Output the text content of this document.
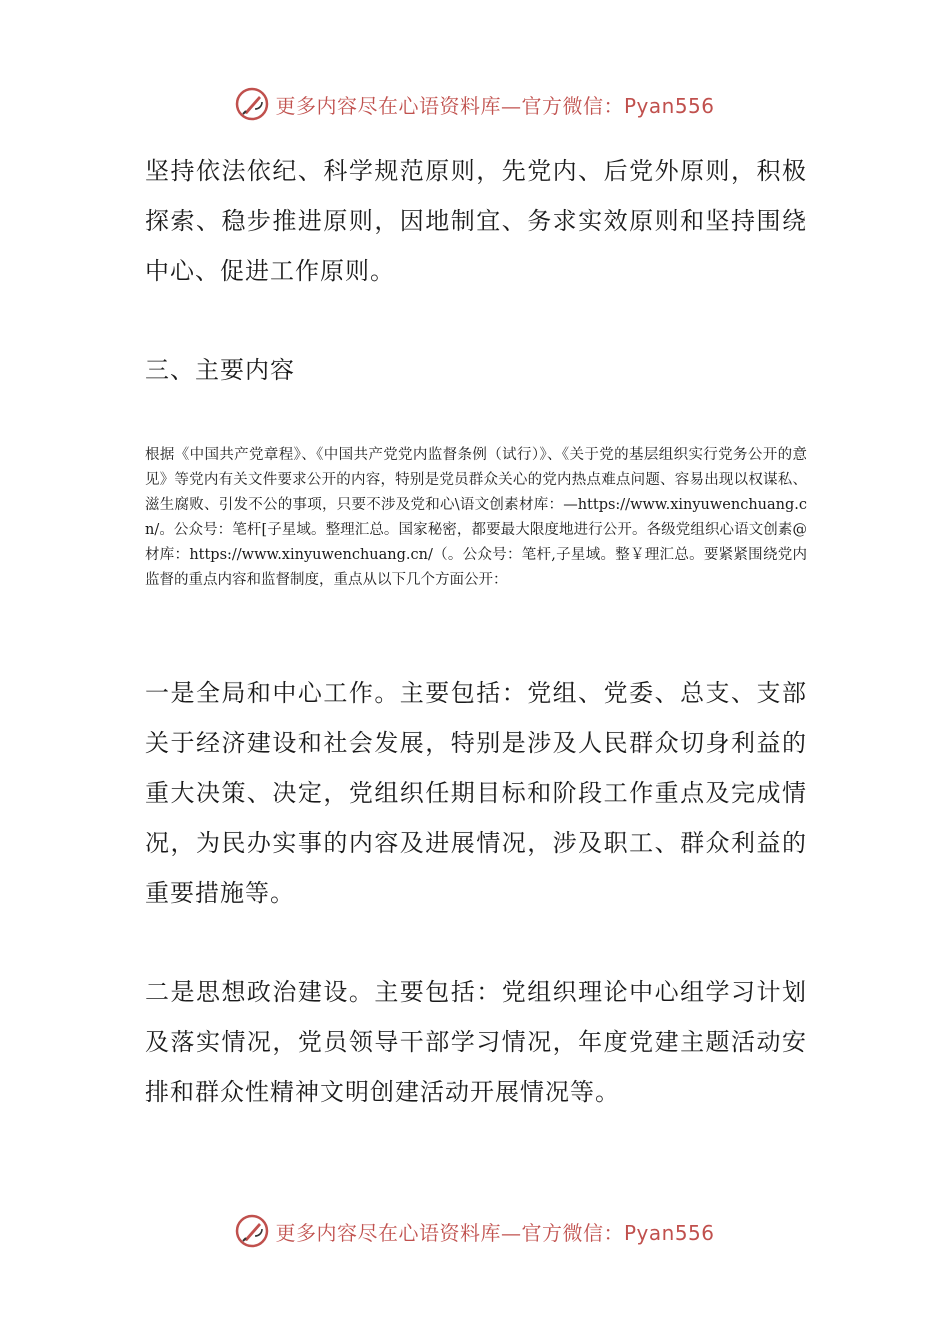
更多内容尽在心语资料库—官方微信：Pyan556

坚持依法依纪、科学规范原则，先党内、后党外原则，积极探索、稳步推进原则，因地制宜、务求实效原则和坚持围绕中心、促进工作原则。

三、主要内容

根据《中国共产党章程》、《中国共产党党内监督条例（试行）》、《关于党的基层组织实行党务公开的意见》等党内有关文件要求公开的内容，特别是党员群众关心的党内热点难点问题、容易出现以权谋私、滋生腐败、引发不公的事项，只要不涉及党和心\语文创素材库：—https://www.xinyuwenchuang.cn/。公众号：笔杆[子星域。整理汇总。国家秘密，都要最大限度地进行公开。各级党组织心语文创素@材库：https://www.xinyuwenchuang.cn/（。公众号：笔杆,子星域。整￥理汇总。要紧紧围绕党内监督的重点内容和监督制度，重点从以下几个方面公开：

一是全局和中心工作。主要包括：党组、党委、总支、支部关于经济建设和社会发展，特别是涉及人民群众切身利益的重大决策、决定，党组织任期目标和阶段工作重点及完成情况，为民办实事的内容及进展情况，涉及职工、群众利益的重要措施等。

二是思想政治建设。主要包括：党组织理论中心组学习计划及落实情况，党员领导干部学习情况，年度党建主题活动安排和群众性精神文明创建活动开展情况等。

更多内容尽在心语资料库—官方微信：Pyan556
